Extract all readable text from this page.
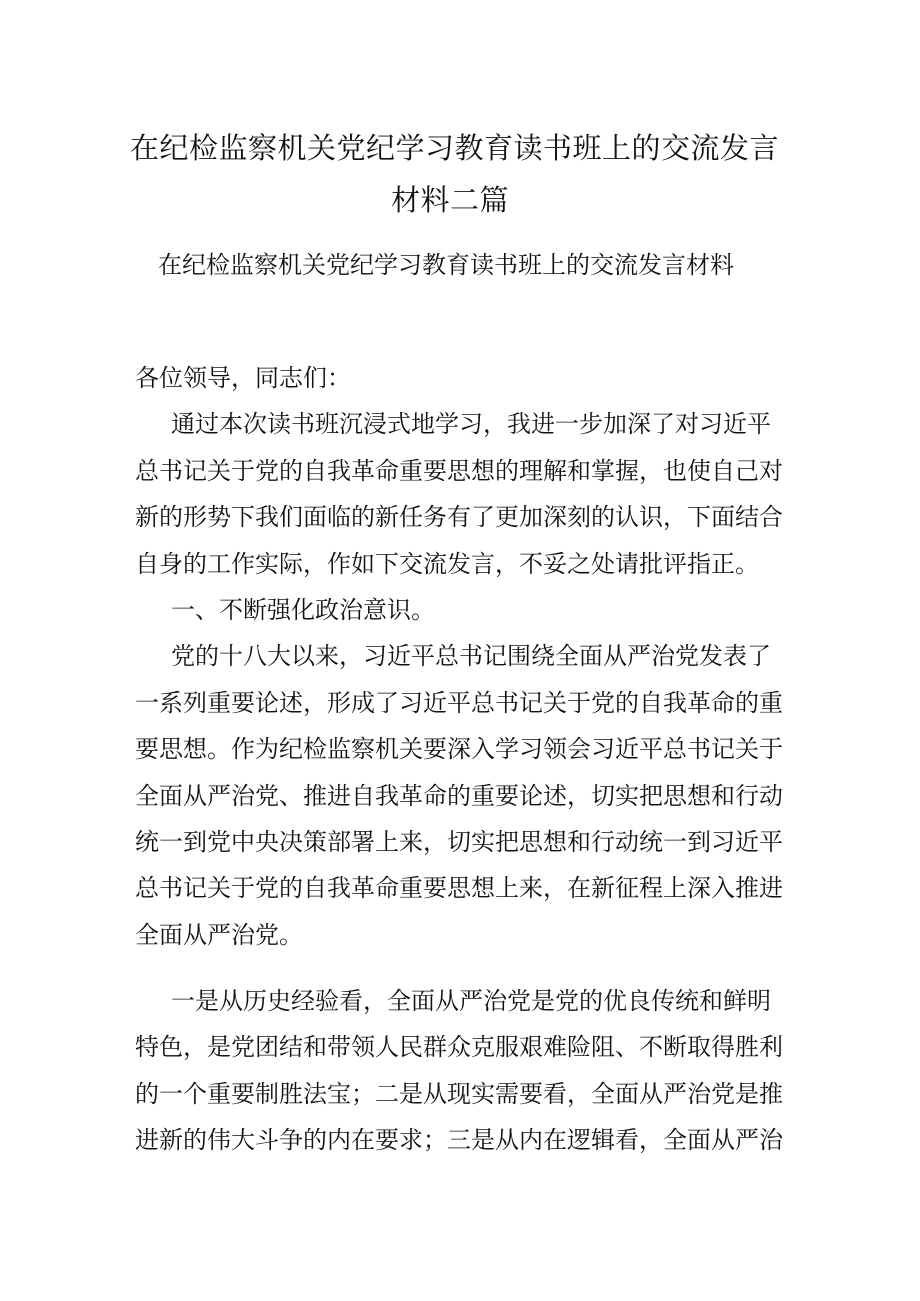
在纪检监察机关党纪学习教育读书班上的交流发言
材料二篇
在纪检监察机关党纪学习教育读书班上的交流发言材料
各位领导，同志们：
通过本次读书班沉浸式地学习，我进一步加深了对习近平
总书记关于党的自我革命重要思想的理解和掌握，也使自己对
新的形势下我们面临的新任务有了更加深刻的认识，下面结合
自身的工作实际，作如下交流发言，不妥之处请批评指正。
一、不断强化政治意识。
党的十八大以来，习近平总书记围绕全面从严治党发表了
一系列重要论述，形成了习近平总书记关于党的自我革命的重
要思想。作为纪检监察机关要深入学习领会习近平总书记关于
全面从严治党、推进自我革命的重要论述，切实把思想和行动
统一到党中央决策部署上来，切实把思想和行动统一到习近平
总书记关于党的自我革命重要思想上来，在新征程上深入推进
全面从严治党。
一是从历史经验看，全面从严治党是党的优良传统和鲜明
特色，是党团结和带领人民群众克服艰难险阻、不断取得胜利
的一个重要制胜法宝；二是从现实需要看，全面从严治党是推
进新的伟大斗争的内在要求；三是从内在逻辑看，全面从严治
